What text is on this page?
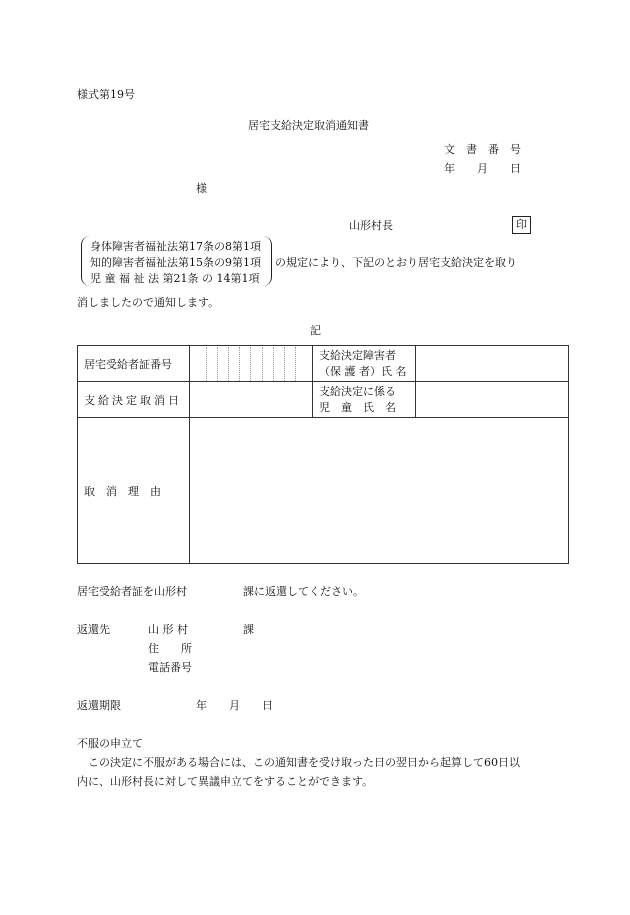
様式第19号
居宅支給決定取消通知書
文　書　番　号
年　　月　　日
様
山形村長	印
身体障害者福祉法第17条の8第1項
知的障害者福祉法第15条の9第1項
児 童 福 祉 法 第21条 の 14第1項
の規定により、下記のとおり居宅支給決定を取り
消しましたので通知します。
記
居宅受給者証番号		支給決定障害者
（保 護 者）氏 名	

支給決定取消日		支給決定に係る
児　童　氏　名	

取　消　理　由			
居宅受給者証を山形村	課に返還してください。
返還先	山 形 村	課
住　　所
電話番号
返還期限	年　　月　　日
不服の申立て
この決定に不服がある場合には、この通知書を受け取った日の翌日から起算して60日以
内に、山形村長に対して異議申立てをすることができます。
